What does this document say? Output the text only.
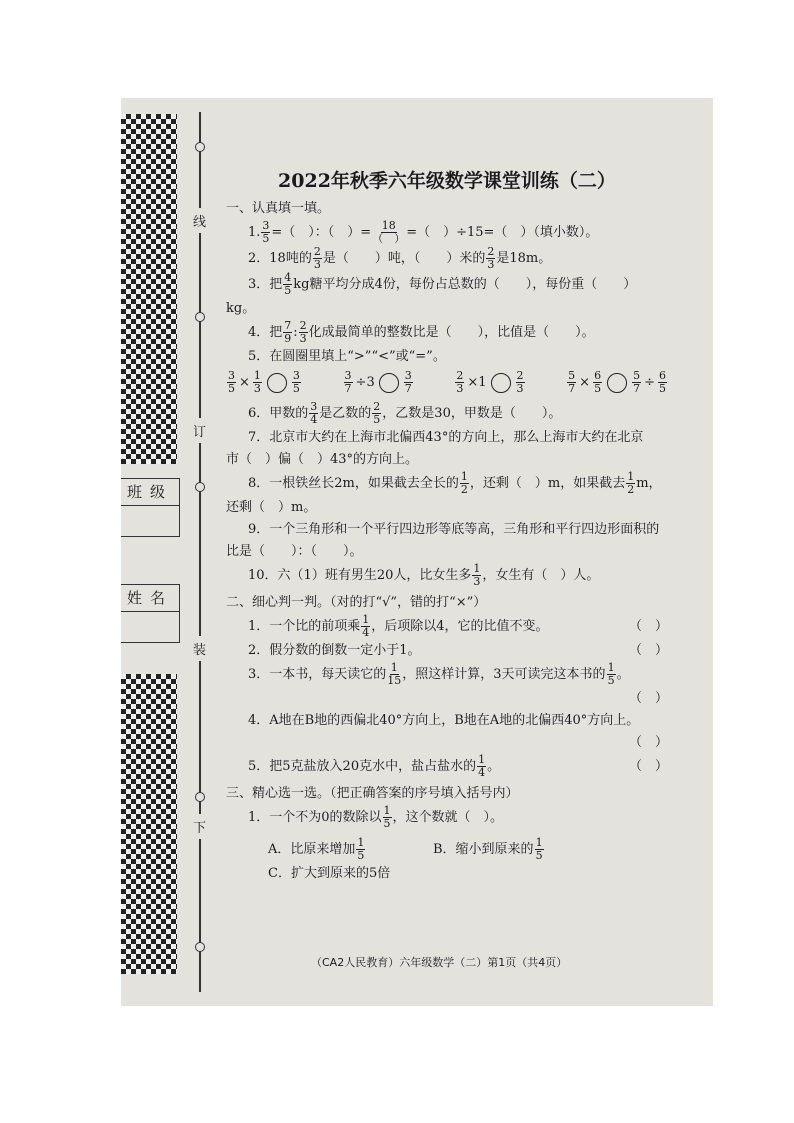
班级
姓名
线
订
装
下
2022年秋季六年级数学课堂训练（二）
一、认真填一填。
1. $\frac{3}{5}$ =（　）：（　）= $\frac{18}{( )}$ =（　）÷15=（　）（填小数）。
2．18吨的 $\frac{2}{3}$ 是（　　）吨，（　　）米的 $\frac{2}{3}$ 是18m。
3．把 $\frac{4}{5}$ kg糖平均分成4份，每份占总数的（　　），每份重（　　）
kg。
4．把 $\frac{7}{9}$ : $\frac{2}{3}$ 化成最简单的整数比是（　　），比值是（　　）。
5．在圆圈里填上“>”“<”或“=”。
$\frac{3}{5} \times \frac{1}{3}$	$\frac{3}{5}$	$\frac{3}{7} \div 3$	$\frac{3}{7}$	$\frac{2}{3} \times 1$	$\frac{2}{3}$	$\frac{5}{7} \times \frac{6}{5}$	$\frac{5}{7} \div \frac{6}{5}$
6．甲数的 $\frac{3}{4}$ 是乙数的 $\frac{2}{5}$ ，乙数是30，甲数是（　　）。
7．北京市大约在上海市北偏西43°的方向上，那么上海市大约在北京
市（　）偏（　）43°的方向上。
8．一根铁丝长2m，如果截去全长的 $\frac{1}{2}$ ，还剩（　）m，如果截去 $\frac{1}{2}$ m，
还剩（　）m。
9．一个三角形和一个平行四边形等底等高，三角形和平行四边形面积的
比是（　　）：（　　）。
10．六（1）班有男生20人，比女生多 $\frac{1}{3}$ ，女生有（　）人。
二、细心判一判。（对的打“√”，错的打“×”）
1．一个比的前项乘 $\frac{1}{4}$ ，后项除以4，它的比值不变。	（　）
2．假分数的倒数一定小于1。	（　）
3．一本书，每天读它的 $\frac{1}{15}$ ，照这样计算，3天可读完这本书的 $\frac{1}{5}$ 。
（　）
4．A地在B地的西偏北40°方向上，B地在A地的北偏西40°方向上。
（　）
5．把5克盐放入20克水中，盐占盐水的 $\frac{1}{4}$ 。	（　）
三、精心选一选。（把正确答案的序号填入括号内）
1．一个不为0的数除以 $\frac{1}{5}$ ，这个数就（　）。
A．比原来增加 $\frac{1}{5}$	B．缩小到原来的 $\frac{1}{5}$
C．扩大到原来的5倍
（CA2人民教育）六年级数学（二）第1页（共4页）
